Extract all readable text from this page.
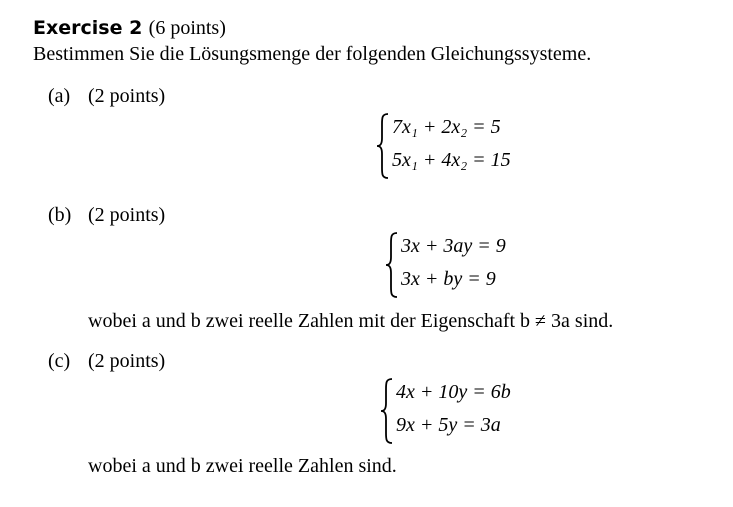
Exercise 2 (6 points)
Bestimmen Sie die Lösungsmenge der folgenden Gleichungssysteme.
(a) (2 points)
7x₁ + 2x₂ = 5
5x₁ + 4x₂ = 15
(b) (2 points)
3x + 3ay = 9
3x + by = 9
wobei a und b zwei reelle Zahlen mit der Eigenschaft b ≠ 3a sind.
(c) (2 points)
4x + 10y = 6b
9x + 5y = 3a
wobei a und b zwei reelle Zahlen sind.
